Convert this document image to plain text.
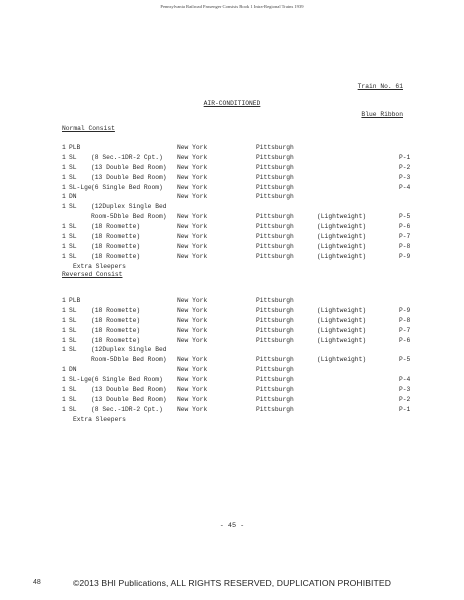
Pennsylvania Railroad Passenger Consists Book 1 Intra-Regional Trains 1939

Train No. 61

Blue Ribbon

AIR-CONDITIONED
Normal Consist
1 PLB	New York	Pittsburgh
1 SL (8 Sec.-1DR-2 Cpt.) New York	Pittsburgh	P-1
1 SL (13 Double Bed Room) New York	Pittsburgh	P-2
1 SL (13 Double Bed Room) New York	Pittsburgh	P-3
1 SL-Lge (6 Single Bed Room) New York	Pittsburgh	P-4
1 DN	New York	Pittsburgh
1 SL (12Duplex Single Bed
Room-5Dble Bed Room) New York	Pittsburgh	(Lightweight)	P-5
1 SL (18 Roomette)	New York	Pittsburgh	(Lightweight)	P-6
1 SL (18 Roomette)	New York	Pittsburgh	(Lightweight)	P-7
1 SL (18 Roomette)	New York	Pittsburgh	(Lightweight)	P-8
1 SL (18 Roomette)	New York	Pittsburgh	(Lightweight)	P-9
Extra Sleepers
Reversed Consist
1 PLB	New York	Pittsburgh
1 SL (18 Roomette)	New York	Pittsburgh	(Lightweight)	P-9
1 SL (18 Roomette)	New York	Pittsburgh	(Lightweight)	P-8
1 SL (18 Roomette)	New York	Pittsburgh	(Lightweight)	P-7
1 SL (18 Roomette)	New York	Pittsburgh	(Lightweight)	P-6
1 SL (12Duplex Single Bed
Room-5Dble Bed Room) New York	Pittsburgh	(Lightweight)	P-5
1 DN	New York	Pittsburgh
1 SL-Lge (6 Single Bed Room) New York	Pittsburgh	P-4
1 SL (13 Double Bed Room) New York	Pittsburgh	P-3
1 SL (13 Double Bed Room) New York	Pittsburgh	P-2
1 SL (8 Sec.-1DR-2 Cpt.) New York	Pittsburgh	P-1
Extra Sleepers
- 45 -
48	©2013 BHI Publications, ALL RIGHTS RESERVED, DUPLICATION PROHIBITED
